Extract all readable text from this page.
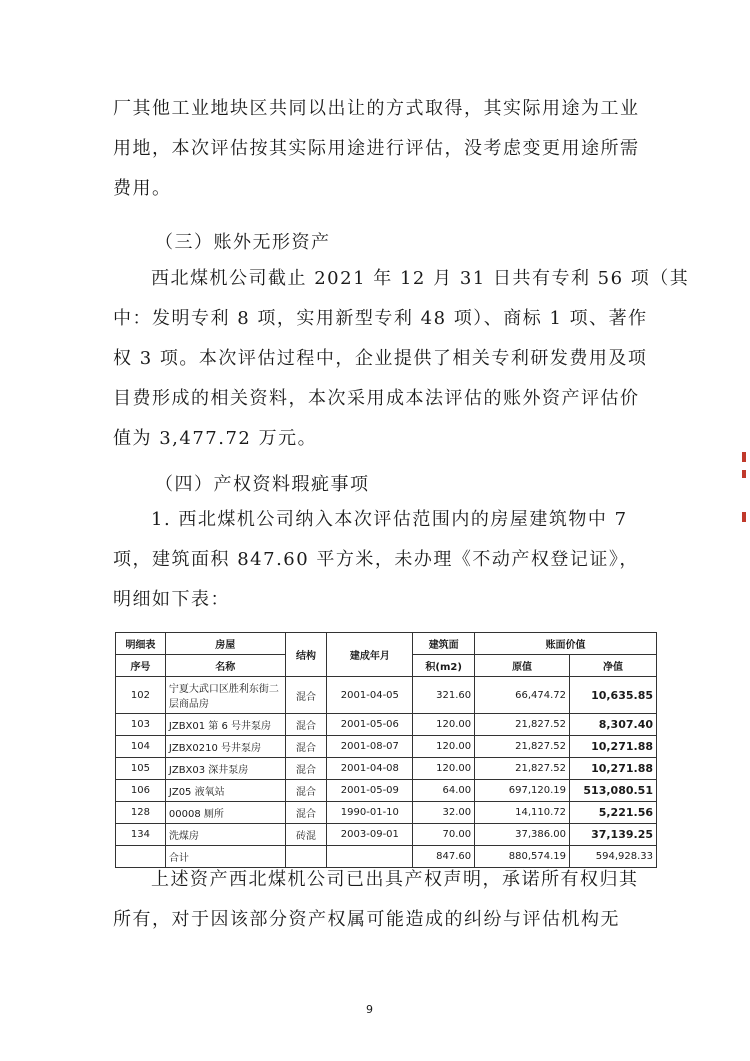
厂其他工业地块区共同以出让的方式取得，其实际用途为工业
用地，本次评估按其实际用途进行评估，没考虑变更用途所需
费用。
（三）账外无形资产
西北煤机公司截止 2021 年 12 月 31 日共有专利 56 项（其
中：发明专利 8 项，实用新型专利 48 项）、商标 1 项、著作
权 3 项。本次评估过程中，企业提供了相关专利研发费用及项
目费形成的相关资料，本次采用成本法评估的账外资产评估价
值为 3,477.72 万元。
（四）产权资料瑕疵事项
1. 西北煤机公司纳入本次评估范围内的房屋建筑物中 7
项，建筑面积 847.60 平方米，未办理《不动产权登记证》，
明细如下表：
明细表	房屋	结构	建成年月	建筑面	账面价值	
序号	名称			积(m2)	原值	净值
102	宁夏大武口区胜利东街二层商品房	混合	2001-04-05	321.60	66,474.72	10,635.85
103	JZBX01 第 6 号井泵房	混合	2001-05-06	120.00	21,827.52	8,307.40
104	JZBX0210 号井泵房	混合	2001-08-07	120.00	21,827.52	10,271.88
105	JZBX03 深井泵房	混合	2001-04-08	120.00	21,827.52	10,271.88
106	JZ05 液氧站	混合	2001-05-09	64.00	697,120.19	513,080.51
128	00008 厕所	混合	1990-01-10	32.00	14,110.72	5,221.56
134	洗煤房	砖混	2003-09-01	70.00	37,386.00	37,139.25
	合计			847.60	880,574.19	594,928.33
上述资产西北煤机公司已出具产权声明，承诺所有权归其
所有，对于因该部分资产权属可能造成的纠纷与评估机构无
9
